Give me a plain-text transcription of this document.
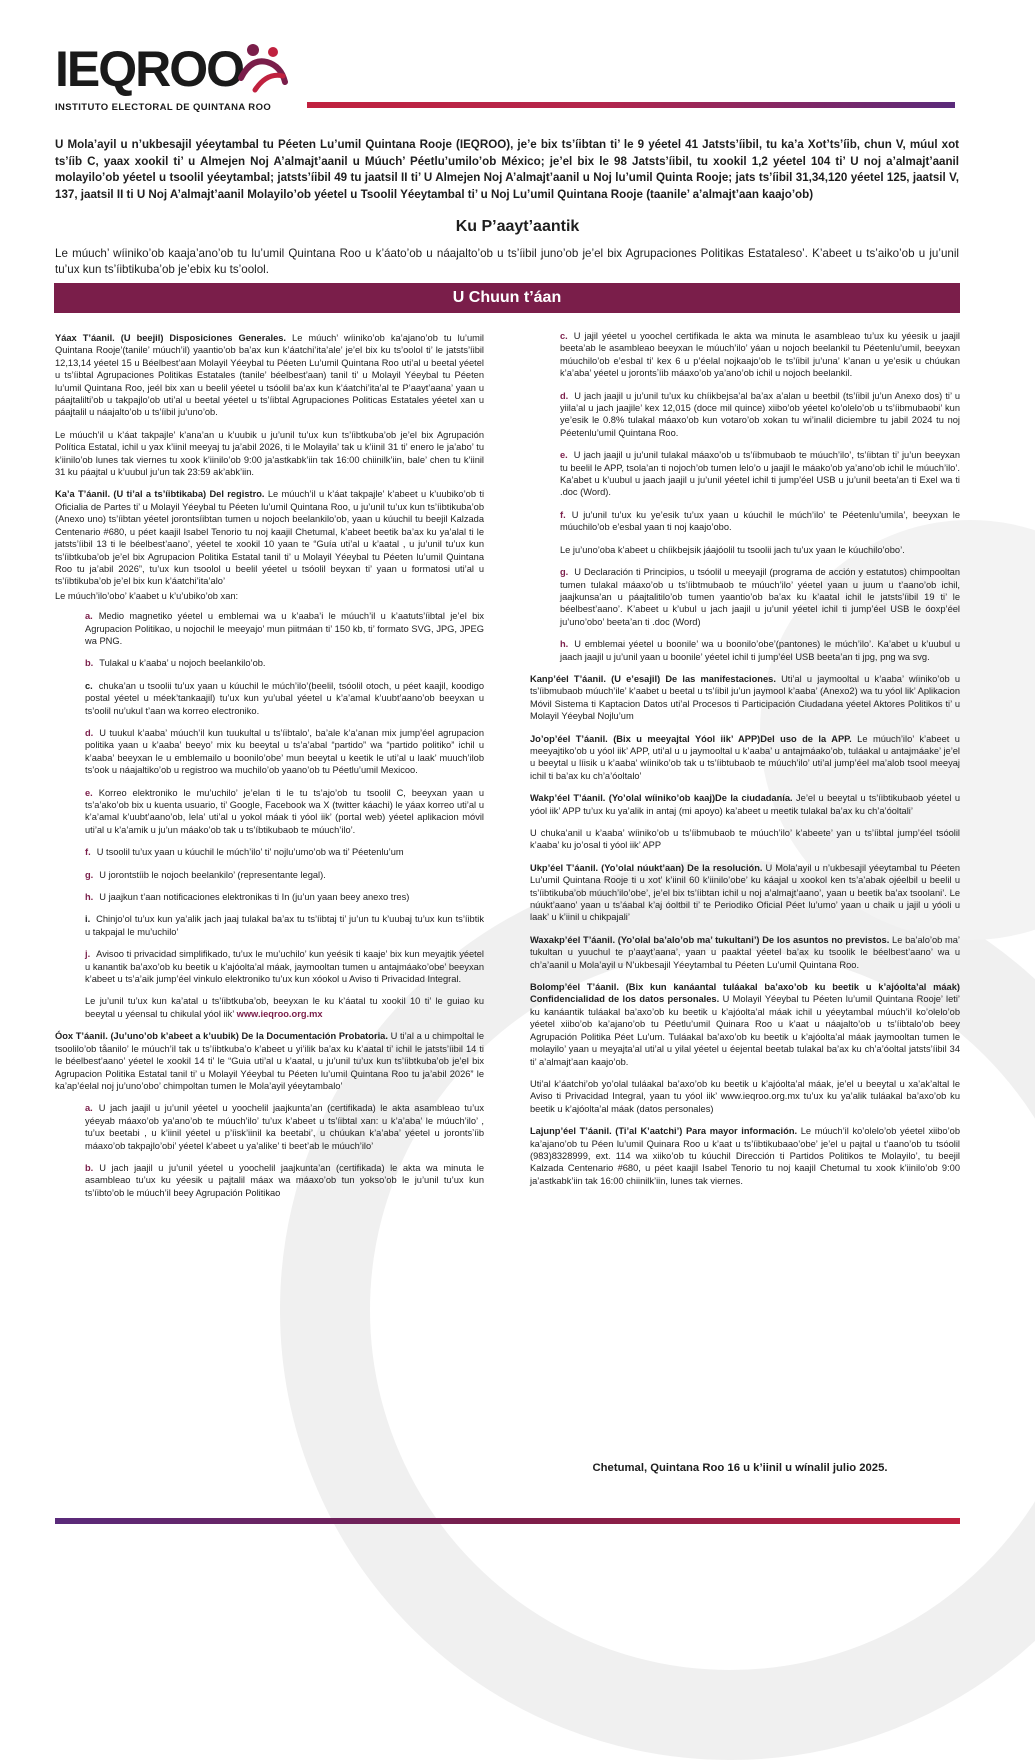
IEQROO
INSTITUTO ELECTORAL DE QUINTANA ROO
U Mola’ayil u n’ukbesajil yéeytambal tu Péeten Lu’umil Quintana Rooje (IEQROO), je’e bix ts’íibtan ti’ le 9 yéetel 41 Jatsts’íibil, tu ka’a Xot’ts’íib, chun V, múul xot ts’íib C, yaax xookil ti’ u Almejen Noj A’almajt’aanil u Múuch’ Péetlu’umilo’ob México; je’el bix le 98 Jatsts’íibil, tu xookil 1,2 yéetel 104 ti’ U noj a’almajt’aanil molayilo’ob yéetel u tsoolil yéeytambal; jatsts’íibil 49 tu jaatsil II ti’ U Almejen Noj A’almajt’aanil u Noj lu’umil Quinta Rooje; jats ts’íibil 31,34,120 yéetel 125, jaatsil V, 137, jaatsil II ti U Noj A’almajt’aanil Molayilo’ob yéetel u Tsoolil Yéeytambal ti’ u Noj Lu’umil Quintana Rooje (taanile’ a’almajt’aan kaajo’ob)
Ku P’aayt’aantik
Le múuch’ wíiniko’ob kaaja’ano’ob tu lu’umil Quintana Roo u k’áato’ob u náajalto’ob u ts’íibil juno’ob je’el bix Agrupaciones Politikas Estataleso’. K’abeet u ts’aiko’ob u ju’unil tu’ux kun ts’íibtikuba’ob je’ebix ku ts’oolol.
U Chuun t’áan

Yáax T’áanil. (U beejil) Disposiciones Generales. Le múuch’ wíiniko’ob ka’ajano’ob tu lu’umil Quintana Rooje’(tanile’ múuch’il) yaantio’ob ba’ax kun k’áatchi’ita’ale’ je’el bix ku ts’oolol ti’ le jatsts’íibil 12,13,14 yéetel 15 u Béelbest’aan Molayil Yéeybal tu Péeten Lu’umil Quintana Roo uti’al u beetal yéetel u ts’íibtal Agrupaciones Politikas Estatales (tanile’ béelbest’aan) tanil ti’ u Molayil Yéeybal tu Péeten lu’umil Quintana Roo, jeél bix xan u beelil yéetel u tsóolil ba’ax kun k’áatchi’ita’al te P’aayt’aana’ yaan u páajtalilti’ob u takpajlo’ob uti’al u beetal yéetel u ts’íibtal Agrupaciones Politicas Estatales yéetel xan u páajtalil u náajalto’ob u ts’íibil ju’uno’ob.

Le múuch’il u k’áat takpajle’ k’ana’an u k’uubik u ju’unil tu’ux kun ts’íibtkuba’ob je’el bix Agrupación Política Estatal, ichil u yax k’iinil meeyaj tu ja’abil 2026, ti le Molayila’ tak u k’iinil 31 ti’ enero le ja’abo’ tu k’iinilo’ob lunes tak viernes tu xook k’iinilo’ob 9:00 ja’astkabk’iin tak 16:00 chiinilk’iin, bale’ chen tu k’iinil 31 ku páajtal u k’uubul ju’un tak 23:59 ak’abk’iin.

Ka’a T’áanil. (U ti’al a ts’íibtikaba) Del registro. Le múuch’il u k’áat takpajle’ k’abeet u k’uubiko’ob ti Oficialia de Partes ti’ u Molayil Yéeybal tu Péeten lu’umil Quintana Roo, u ju’unil tu’ux kun ts’íibtikuba’ob (Anexo uno) ts’íibtan yéetel jorontsíibtan tumen u nojoch beelankilo’ob, yaan u kúuchil tu beejil Kalzada Centenario #680, u péet kaajil Isabel Tenorio tu noj kaajil Chetumal, k’abeet beetik ba’ax ku ya’alal ti le jatsts’íibil 13 ti le béelbest’aano’, yéetel te xookil 10 yaan te “Guía uti’al u k’aatal , u ju’unil tu’ux kun ts’íibtkuba’ob je’el bix Agrupacion Politika Estatal tanil ti’ u Molayil Yéeybal tu Péeten lu’umil Quintana Roo tu ja’abil 2026”, tu’ux kun tsoolol u beelil yéetel u tsóolil beyxan ti’ yaan u formatosi uti’al u ts’íibtikuba’ob je’el bix kun k’áatchi’ita’alo’

Le múuch’ilo’obo’ k’aabet u k’u’ubiko’ob xan:

a. Medio magnetiko yéetel u emblemai wa u k’aaba’i le múuch’il u k’aatuts’íibtal je’el bix Agrupacion Politikao, u nojochil le meeyajo’ mun piitmáan ti’ 150 kb, ti’ formato SVG, JPG, JPEG wa PNG.

b. Tulakal u k’aaba’ u nojoch beelankilo’ob.

c. chuka’an u tsoolii tu’ux yaan u kúuchil le múch’ilo’(beelil, tsóolil otoch, u péet kaajil, koodigo postal yéetel u méek’tankaajil) tu’ux kun yu’ubal yéetel u k’a’amal k’uubt’aano’ob beeyxan u ts’oolil nu’ukul t’aan wa korreo electroniko.

d. U tuukul k’aaba’ múuch’il kun tuukultal u ts’íibtalo’, ba’ale k’a’anan mix jump’éel agrupacion politika yaan u k’aaba’ beeyo’ mix ku beeytal u ts’a’abal “partido” wa “partido politiko” ichil u k’aaba’ beeyxan le u emblemailo u boonilo’obe’ mun beeytal u keetik le uti’al u laak’ muuch’ilob ts’ook u náajaltiko’ob u registroo wa muchilo’ob yaano’ob tu Péetlu’umil Mexicoo.

e. Korreo elektroniko le mu’uchilo’ je’elan ti le tu ts’ajo’ob tu tsoolil C, beeyxan yaan u ts’a’ako’ob bix u kuenta usuario, ti’ Google, Facebook wa X (twitter káachi) le yáax korreo uti’al u k’a’amal k’uubt’aano’ob, lela’ uti’al u yokol máak ti yóol iik’ (portal web) yéetel aplikacion móvil uti’al u k’a’amik u ju’un máako’ob tak u ts’íbtikubaob te múuch’ilo’.

f. U tsoolil tu’ux yaan u kúuchil le múch’ilo’ ti’ nojlu’umo’ob wa ti’ Péetenlu’um

g. U jorontstíib le nojoch beelankilo’ (representante legal).

h. U jaajkun t’aan notificaciones elektronikas ti In (ju’un yaan beey anexo tres)

i. Chinjo’ol tu’ux kun ya’alik jach jaaj tulakal ba’ax tu ts’íibtaj ti’ ju’un tu k’uubaj tu’ux kun ts’íibtik u takpajal le mu’uchilo’

j. Avisoo ti privacidad simplifikado, tu’ux le mu’uchilo’ kun yeésik ti kaaje’ bix kun meyajtik yéetel u kanantik ba’axo’ob ku beetik u k’ajóolta’al máak, jaymooltan tumen u antajmáako’obe’ beeyxan k’abeet u ts’a’aik jump’éel vinkulo elektroniko tu’ux kun xóokol u Aviso ti Privacidad Integral.

Le ju’unil tu’ux kun ka’atal u ts’íibtkuba’ob, beeyxan le ku k’áatal tu xookil 10 ti’ le guiao ku beeytal u yéensal tu chikulal yóol iik’ www.ieqroo.org.mx

Óox T’áanil. (Ju’uno’ob k’abeet a k’uubik) De la Documentación Probatoria. U ti’al a u chimpoltal le tsoolilo’ob tåanilo’ le múuch’il tak u ts’íibtkuba’o k’abeet u yi’ilik ba’ax ku k’aatal ti’ ichil le jatsts’íibil 14 ti le béelbest’aano’ yéetel le xookil 14 ti’ le “Guia uti’al u k’aatal, u ju’unil tu’ux kun ts’íibtkuba’ob je’el bix Agrupacion Politika Estatal tanil ti’ u Molayil Yéeybal tu Péeten lu’umil Quintana Roo tu ja’abil 2026” le ka’ap’éelal noj ju’uno’obo’ chimpoltan tumen le Mola’ayil yéeytambalo’

a. U jach jaajil u ju’unil yéetel u yoochelil jaajkunta’an (certifikada) le akta asambleao tu’ux yéeyab máaxo’ob ya’ano’ob te múuch’ilo’ tu’ux k’abeet u ts’íibtal xan: u k’a’aba’ le múuch’ilo’ , tu’ux beetabi , u k’iinil yéetel u p’íisk’iinil ka beetabi’, u chúukan k’a’aba’ yéetel u jorontsʼíib máaxo’ob takpajlo’obi’ yéetel k’abeet u ya’alike’ ti beet’ab le múuch’ilo’

b. U jach jaajil u ju’unil yéetel u yoochelil jaajkunta’an (certifikada) le akta wa minuta le asambleao tu’ux ku yéesik u pajtalil máax wa máaxo’ob tun yokso’ob le ju’unil tu’ux kun ts’íibto’ob le múuch’il beey Agrupación Politikao

c. U jajil yéetel u yoochel certifikada le akta wa minuta le asambleao tu’ux ku yéesik u jaajil beeta’ab le asambleao beeyxan le múuch’ilo’ yáan u nojoch beelankil tu Péetenlu’umil, beeyxan múuchilo’ob e’esbal ti’ kex 6 u p’éelal nojkaajo’ob le ts’íibil ju’una’ k’anan u ye’esik u chúukan k’a’aba’ yéetel u jorontsʼíib máaxo’ob ya’ano’ob ichil u nojoch beelankil.

d. U jach jaajil u ju’unil tu’ux ku chíikbejsa’al ba’ax a’alan u beetbil (ts’íibil ju’un Anexo dos) ti’ u yiila’al u jach jaajile’ kex 12,015 (doce mil quince) xiibo’ob yéetel ko’olelo’ob u ts’íibmubaobi’ kun ye’esik le 0.8% tulakal máaxo’ob kun votaro’ob xokan tu wi’inalil diciembre tu jabil 2024 tu noj Péetenlu’umil Quintana Roo.

e. U jach jaajil u ju’unil tulakal máaxo’ob u ts’íibmubaob te múuch’ilo’, ts’íibtan ti’ ju’un beeyxan tu beelil le APP, tsola’an ti nojoch’ob tumen lelo’o u jaajil le máako’ob ya’ano’ob ichil le múuch’ilo’. Ka’abet u k’uubul u jaach jaajil u ju’unil yéetel ichil ti jump’éel USB u ju’unil beeta’an ti Exel wa ti .doc (Word).

f. U ju’unil tu’ux ku ye’esik tu’ux yaan u kúuchil le múch’ilo’ te Péetenlu’umila’, beeyxan le múuchilo’ob e’esbal yaan ti noj kaajo’obo.

Le ju’uno’oba k’abeet u chíikbejsik jáajóolil tu tsoolii jach tu’ux yaan le kúuchilo’obo’.

g. U Declaración ti Principios, u tsóolil u meeyajil (programa de acción y estatutos) chimpooltan tumen tulakal máaxo’ob u ts’íibtmubaob te múuch’ilo’ yéetel yaan u juum u t’aano’ob ichil, jaajkunsa’an u páajtalitilo’ob tumen yaantio’ob ba’ax ku k’aatal ichil le jatsts’íibil 19 ti’ le béelbest’aano’. K’abeet u k’ubul u jach jaajil u ju’unil yéetel ichil ti jump’éel USB le óoxp’éel ju’uno’obo’ beeta’an ti .doc (Word)

h. U emblemai yéetel u boonile’ wa u boonilo’obe’(pantones) le múch’ilo’. Ka’abet u k’uubul u jaach jaajil u ju’unil yaan u boonile’ yéetel ichil ti jump’éel USB beeta’an ti jpg, png wa svg.

Kanp’éel T’áanil. (U e’esajil) De las manifestaciones. Uti’al u jaymooltal u k’aaba’ wíiniko’ob u ts’íibmubaob múuch’ile’ k’aabet u beetal u ts’íibil ju’un jaymool k’aaba’ (Anexo2) wa tu yóol lik’ Aplikacion Móvil Sistema ti Kaptacion Datos uti’al Procesos ti Participación Ciudadana yéetel Aktores Politikos ti’ u Molayil Yéeybal Nojlu’um

Jo’op’éel T’áanil. (Bix u meeyajtal Yóol iik’ APP)Del uso de la APP. Le múuch’ilo’ k’abeet u meeyajtiko’ob u yóol iik’ APP, uti’al u u jaymooltal u k’aaba’ u antajmáako’ob, tuláakal u antajmáake’ je’el u beeytal u líisik u k’aaba’ wíiniko’ob tak u ts’íibtubaob te múuch’ilo’ uti’al jump’éel ma’alob tsool meeyaj ichil ti ba’ax ku ch’a’óoltalo’

Wakp’éel T’áanil. (Yo’olal wíiniko’ob kaaj)De la ciudadanía. Je’el u beeytal u ts’íibtikubaob yéetel u yóol iik’ APP tu’ux ku ya’alik in antaj (mi apoyo) ka’abeet u meetik tulakal ba’ax ku ch’a’óoltali’

U chuka’anil u k’aaba’ wíiniko’ob u ts’íibmubaob te múuch’ilo’ k’abeete’ yan u ts’íibtal jump’éel tsóolil k’aaba’ ku jo’osal ti yóol iik’ APP

Ukp’éel T’áanil. (Yo’olal núukt’aan) De la resolución. U Mola’ayil u n’ukbesajil yéeytambal tu Péeten Lu’umil Quintana Rooje ti u xot’ k’iinil 60 k’iinilo’obe’ ku káajal u xookol ken ts’a’abak ojéelbil u beelil u ts’íibtikuba’ob múuch’ilo’obe’, je’el bix ts’íibtan ichil u noj a’almajt’aano’, yaan u beetik ba’ax tsoolani’. Le núukt’aano’ yaan u ts’áabal k’aj óoltbil ti’ te Periodiko Oficial Péet lu’umo’ yaan u chaik u jajil u yóoli u laak’ u k’iinil u chikpajali’

Waxakp’éel T’áanil. (Yo’olal ba’alo’ob ma’ tukultani’) De los asuntos no previstos. Le ba’alo’ob ma’ tukultan u yuuchul te p’aayt’aana’, yaan u paaktal yéetel ba’ax ku tsoolik le béelbest’aano’ wa u ch’a’aanil u Mola’ayil u N’ukbesajil Yéeytambal tu Péeten Lu’umil Quintana Roo.

Bolomp’éel T’áanil. (Bix kun kanáantal tuláakal ba’axo’ob ku beetik u k’ajóolta’al máak) Confidencialidad de los datos personales. U Molayil Yéeybal tu Péeten lu’umil Quintana Rooje’ leti’ ku kanáantik tuláakal ba’axo’ob ku beetik u k’ajóolta’al máak ichil u yéeytambal múuch’il ko’olelo’ob yéetel xiibo’ob ka’ajano’ob tu Péetlu’umil Quinara Roo u k’aat u náajalto’ob u ts’íibtalo’ob beey Agrupación Politika Péet Lu’um. Tuláakal ba’axo’ob ku beetik u k’ajóolta’al máak jaymooltan tumen le molayilo’ yaan u meyajta’al uti’al u yilal yéetel u éejental beetab tulakal ba’ax ku ch’a’óoltal jatsts’íibil 34 ti’ a’almajt’aan kaajo’ob.

Uti’al k’áatchi’ob yo’olal tuláakal ba’axo’ob ku beetik u k’ajóolta’al máak, je’el u beeytal u xa’ak’altal le Aviso ti Privacidad Integral, yaan tu yóol iik’ www.ieqroo.org.mx tu’ux ku ya’alik tuláakal ba’axo’ob ku beetik u k’ajóolta’al máak (datos personales)

Lajunp’éel T’áanil. (Ti’al K’aatchi’) Para mayor información. Le múuch’il ko’olelo’ob yéetel xiibo’ob ka’ajano’ob tu Péen lu’umil Quinara Roo u k’aat u ts’íibtikubaao’obe’ je’el u pajtal u t’aano’ob tu tsóolil (983)8328999, ext. 114 wa xiiko’ob tu kúuchil Dirección ti Partidos Politikos te Molayilo’, tu beejil Kalzada Centenario #680, u péet kaajil Isabel Tenorio tu noj kaajil Chetumal tu xook k’iinilo’ob 9:00 ja’astkabk’iin tak 16:00 chiinilk’iin, lunes tak viernes.

Chetumal, Quintana Roo 16 u k’iinil u wínalil julio 2025.
